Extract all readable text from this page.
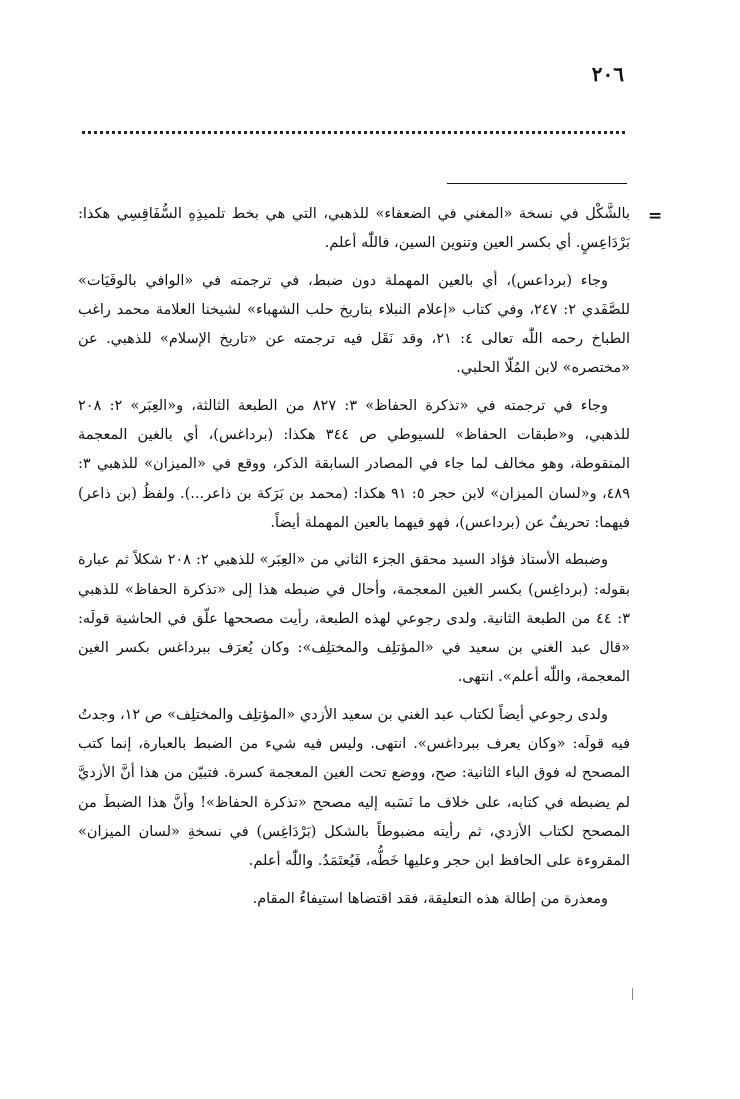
٢٠٦
=

بالشَّكْل في نسخة «المغني في الضعفاء» للذهبي، التي هي بخط تلميذِهِ السُّفَاقِسِي هكذا: بَرْدَاعِسٍ. أي بكسر العين وتنوين السين، فاللّٰه أعلم.

وجاء (برداعس)، أي بالعين المهملة دون ضبط، في ترجمته في «الوافي بالوفَيَات» للصَّفَدي ٢: ٢٤٧، وفي كتاب «إعلام النبلاء بتاريخ حلب الشهباء» لشيخنا العلامة محمد راغب الطباخ رحمه اللّٰه تعالى ٤: ٢١، وقد نَقَل فيه ترجمته عن «تاريخ الإسلام» للذهبي. عن «مختصره» لابن المُلّا الحلبي.

وجاء في ترجمته في «تذكرة الحفاظ» ٣: ٨٢٧ من الطبعة الثالثة، و«العِبَر» ٢: ٢٠٨ للذهبي، و«طبقات الحفاظ» للسيوطي ص ٣٤٤ هكذا: (برداغس)، أي بالغين المعجمة المنقوطة، وهو مخالف لما جاء في المصادر السابقة الذكر، ووقع في «الميزان» للذهبي ٣: ٤٨٩، و«لسان الميزان» لابن حجر ٥: ٩١ هكذا: (محمد بن بَرَكة بن ذاعر...). ولفظُ (بن ذاعر) فيهما: تحريفٌ عن (برداعس)، فهو فيهما بالعين المهملة أيضاً.

وضبطه الأستاذ فؤاد السيد محقق الجزء الثاني من «العِبَر» للذهبي ٢: ٢٠٨ شكلاً ثم عبارة بقوله: (برداغِس) بكسر الغين المعجمة، وأحال في ضبطه هذا إلى «تذكرة الحفاظ» للذهبي ٣: ٤٤ من الطبعة الثانية. ولدى رجوعي لهذه الطبعة، رأيت مصححها علّق في الحاشية قولَه: «قال عبد الغني بن سعيد في «المؤتلِف والمختلِف»: وكان يُعرَف ببرداغس بكسر الغين المعجمة، واللّٰه أعلم». انتهى.

ولدى رجوعي أيضاً لكتاب عبد الغني بن سعيد الأزدي «المؤتلِف والمختلِف» ص ١٢، وجدتُ فيه قولَه: «وكان يعرف ببرداغس». انتهى. وليس فيه شيء من الضبط بالعبارة، إنما كتب المصحح له فوق الباء الثانية: صح، ووضع تحت الغين المعجمة كسرة. فتبيّن من هذا أنَّ الأزديَّ لم يضبطه في كتابه، على خلاف ما نَسَبه إليه مصحح «تذكرة الحفاظ»! وأنَّ هذا الضبطَ من المصحح لكتاب الأزدي، ثم رأيته مضبوطاً بالشكل (بَرْدَاغِس) في نسخةِ «لسان الميزان» المقروءة على الحافظ ابن حجر وعليها خَطُّه، فَيُعتَمَدُ. واللّٰه أعلم.

ومعذرة من إطالة هذه التعليقة، فقد اقتضاها استيفاءُ المقام.
